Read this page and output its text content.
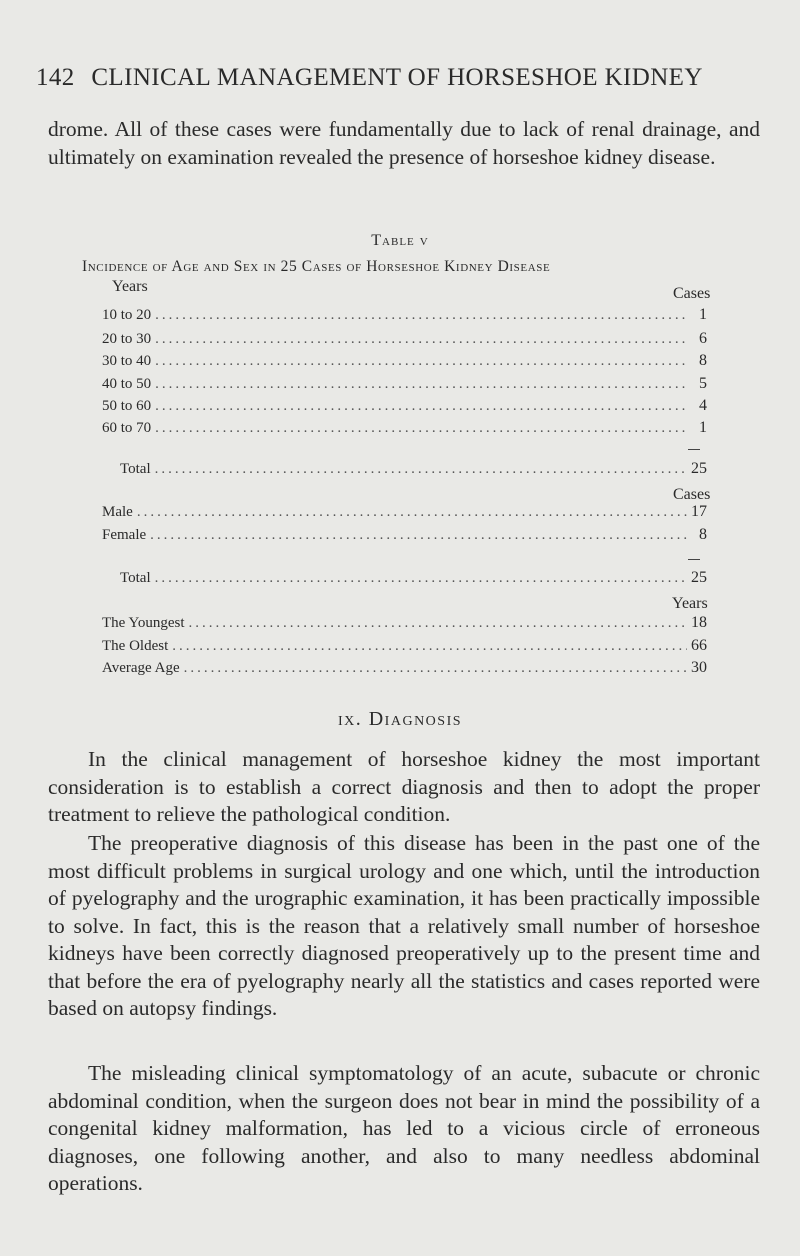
142 CLINICAL MANAGEMENT OF HORSESHOE KIDNEY

drome. All of these cases were fundamentally due to lack of renal drainage, and ultimately on examination revealed the presence of horseshoe kidney disease.

Table v
Incidence of Age and Sex in 25 Cases of Horseshoe Kidney Disease
Years	Cases
10 to 20 .....	1
20 to 30 .....	6
30 to 40 .....	8
40 to 50 .....	5
50 to 60 .....	4
60 to 70 .....	1
Total .....	25
Cases
Male .....	17
Female .....	8
Total .....	25
Years
The Youngest .....	18
The Oldest .....	66
Average Age .....	30
ix. Diagnosis

In the clinical management of horseshoe kidney the most important consideration is to establish a correct diagnosis and then to adopt the proper treatment to relieve the pathological condition.

The preoperative diagnosis of this disease has been in the past one of the most difficult problems in surgical urology and one which, until the introduction of pyelography and the urographic examination, it has been practically impossible to solve. In fact, this is the reason that a relatively small number of horseshoe kidneys have been correctly diagnosed preoperatively up to the present time and that before the era of pyelography nearly all the statistics and cases reported were based on autopsy findings.

The misleading clinical symptomatology of an acute, subacute or chronic abdominal condition, when the surgeon does not bear in mind the possibility of a congenital kidney malformation, has led to a vicious circle of erroneous diagnoses, one following another, and also to many needless abdominal operations.
